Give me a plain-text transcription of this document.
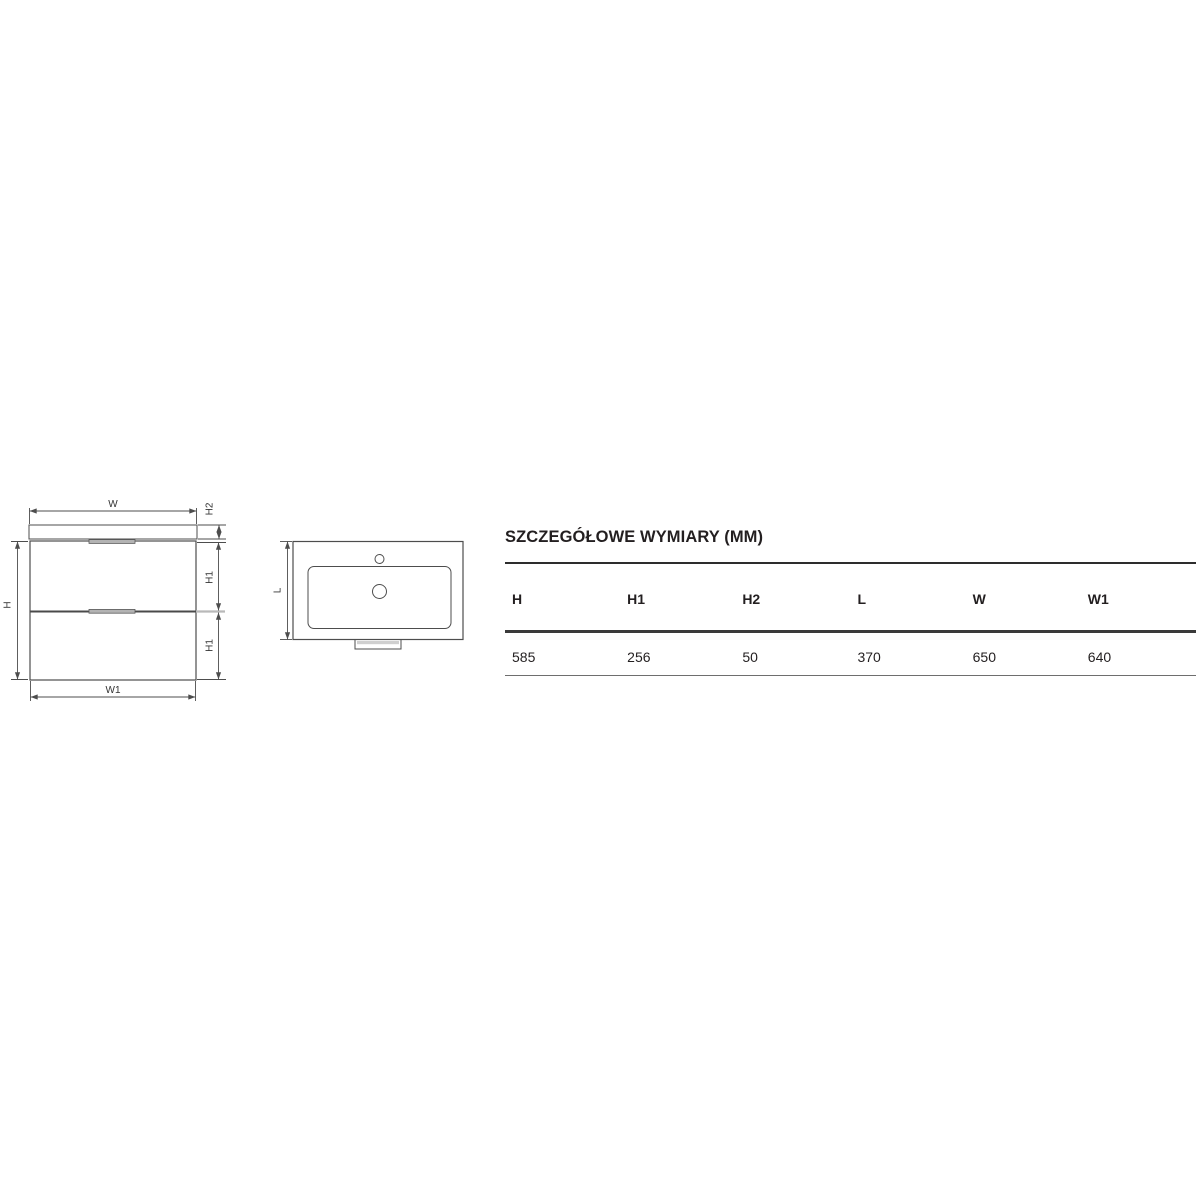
W	H2
H
H1
H1
W1
L
SZCZEGÓŁOWE WYMIARY (MM)
H	H1	H2	L	W	W1
585	256	50	370	650	640
